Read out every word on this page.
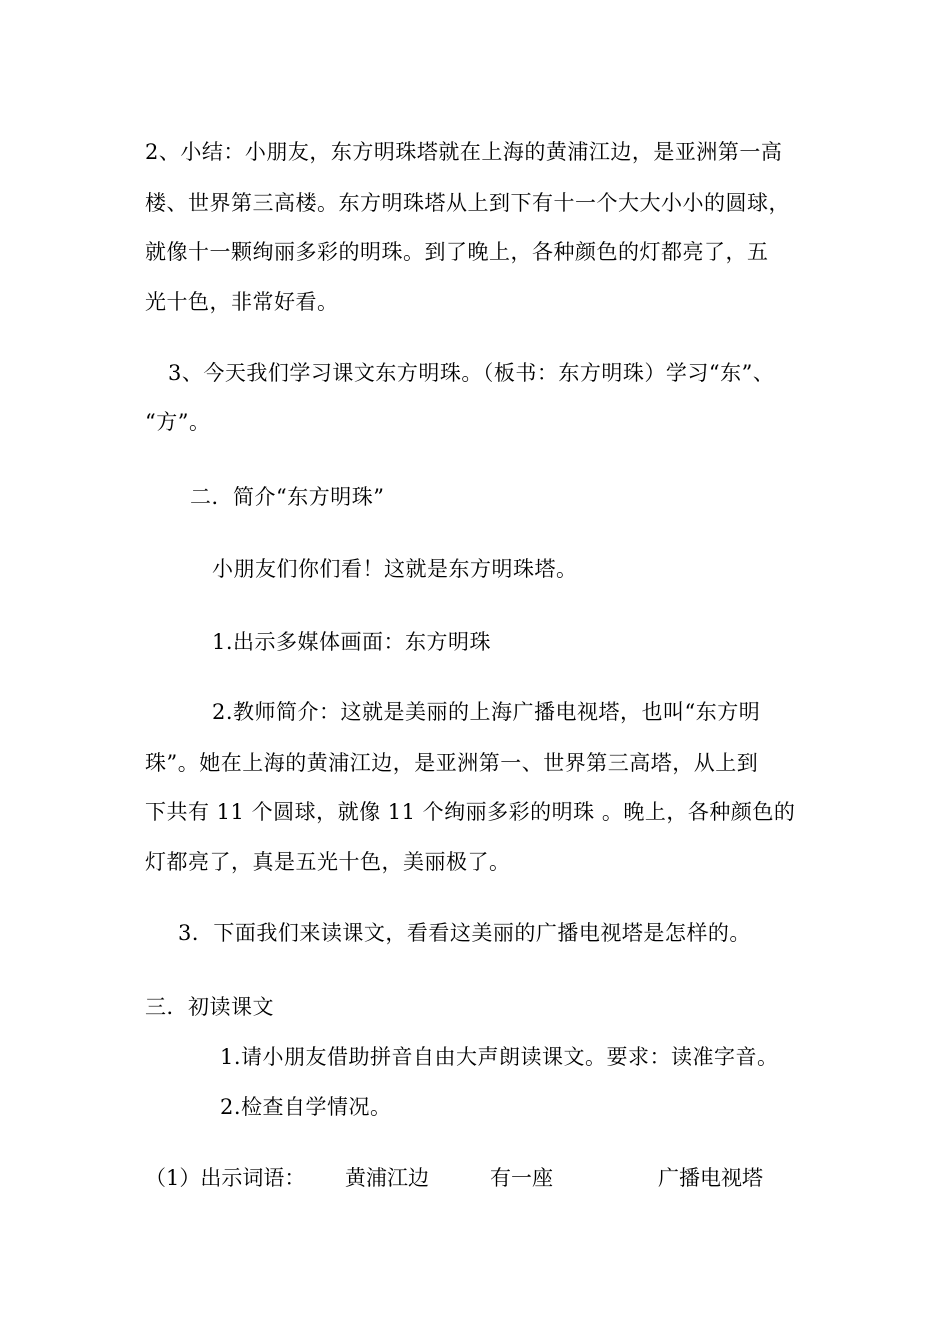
2、小结：小朋友，东方明珠塔就在上海的黄浦江边，是亚洲第一高
楼、世界第三高楼。东方明珠塔从上到下有十一个大大小小的圆球，
就像十一颗绚丽多彩的明珠。到了晚上，各种颜色的灯都亮了，五
光十色，非常好看。
3、今天我们学习课文东方明珠。（板书：东方明珠）学习“东”、
“方”。
二．简介“东方明珠”
小朋友们你们看！这就是东方明珠塔。
1.出示多媒体画面：东方明珠
2.教师简介：这就是美丽的上海广播电视塔，也叫“东方明
珠”。她在上海的黄浦江边，是亚洲第一、世界第三高塔，从上到
下共有 11 个圆球，就像 11 个绚丽多彩的明珠 。晚上，各种颜色的
灯都亮了，真是五光十色，美丽极了。
3．下面我们来读课文，看看这美丽的广播电视塔是怎样的。
三．初读课文
1.请小朋友借助拼音自由大声朗读课文。要求：读准字音。
2.检查自学情况。
（1）出示词语： 黄浦江边	有一座	广播电视塔
